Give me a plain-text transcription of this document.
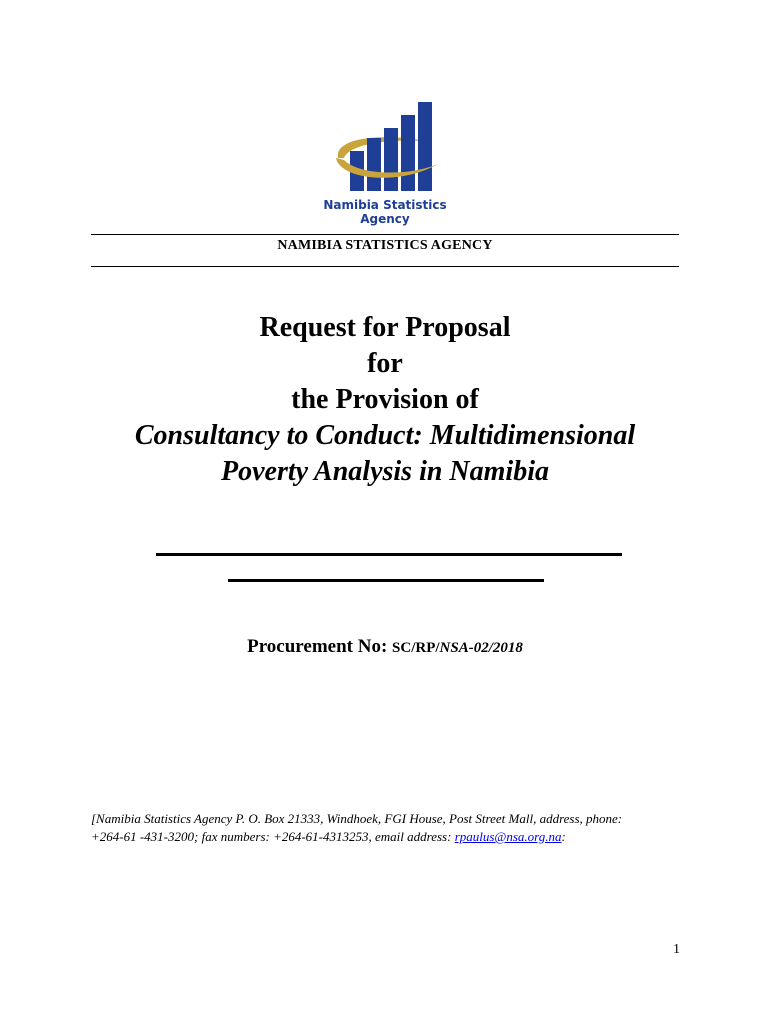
Namibia Statistics
Agency
NAMIBIA STATISTICS AGENCY
Request for Proposal
for
the Provision of
Consultancy to Conduct: Multidimensional
Poverty Analysis in Namibia
Procurement No: SC/RP/NSA-02/2018
[Namibia Statistics Agency P. O. Box 21333, Windhoek, FGI House, Post Street Mall, address, phone:
+264-61 -431-3200; fax numbers: +264-61-4313253, email address: rpaulus@nsa.org.na:
1
